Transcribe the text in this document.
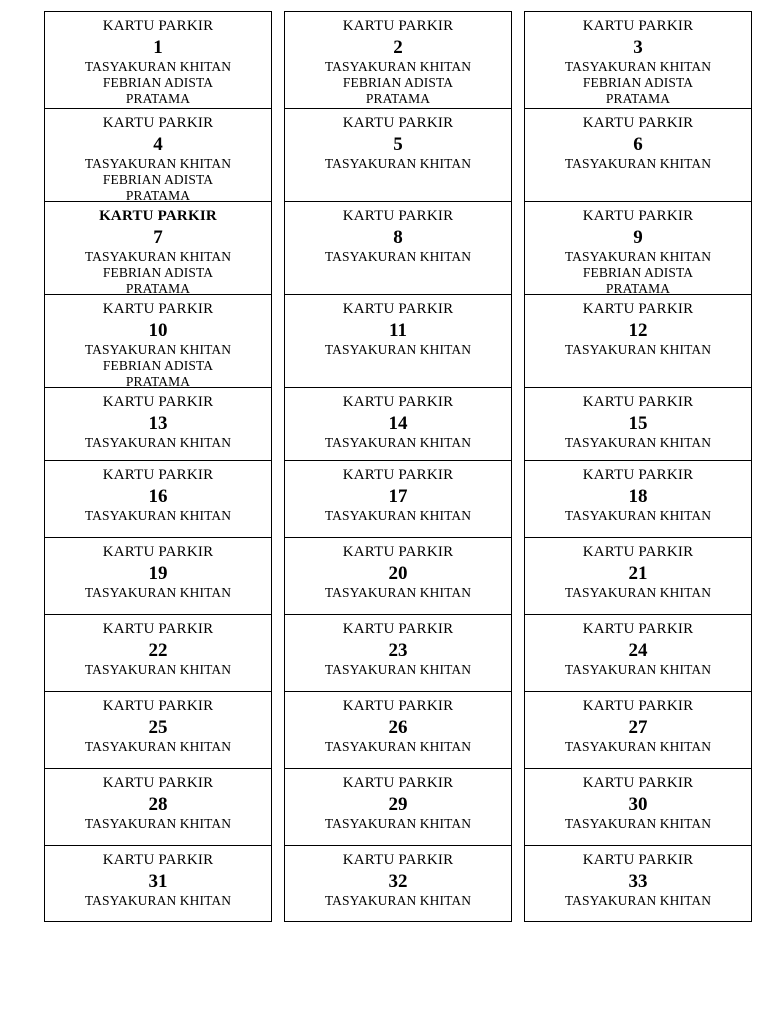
KARTU PARKIR
1
TASYAKURAN KHITAN
FEBRIAN ADISTA
PRATAMA
KARTU PARKIR
4
TASYAKURAN KHITAN
FEBRIAN ADISTA
PRATAMA
KARTU PARKIR
7
TASYAKURAN KHITAN
FEBRIAN ADISTA
PRATAMA
KARTU PARKIR
10
TASYAKURAN KHITAN
FEBRIAN ADISTA
PRATAMA
KARTU PARKIR
13
TASYAKURAN KHITAN
KARTU PARKIR
16
TASYAKURAN KHITAN
KARTU PARKIR
19
TASYAKURAN KHITAN
KARTU PARKIR
22
TASYAKURAN KHITAN
KARTU PARKIR
25
TASYAKURAN KHITAN
KARTU PARKIR
28
TASYAKURAN KHITAN
KARTU PARKIR
31
TASYAKURAN KHITAN
KARTU PARKIR
2
TASYAKURAN KHITAN
FEBRIAN ADISTA
PRATAMA
KARTU PARKIR
5
TASYAKURAN KHITAN
KARTU PARKIR
8
TASYAKURAN KHITAN
KARTU PARKIR
11
TASYAKURAN KHITAN
KARTU PARKIR
14
TASYAKURAN KHITAN
KARTU PARKIR
17
TASYAKURAN KHITAN
KARTU PARKIR
20
TASYAKURAN KHITAN
KARTU PARKIR
23
TASYAKURAN KHITAN
KARTU PARKIR
26
TASYAKURAN KHITAN
KARTU PARKIR
29
TASYAKURAN KHITAN
KARTU PARKIR
32
TASYAKURAN KHITAN
KARTU PARKIR
3
TASYAKURAN KHITAN
FEBRIAN ADISTA
PRATAMA
KARTU PARKIR
6
TASYAKURAN KHITAN
KARTU PARKIR
9
TASYAKURAN KHITAN
FEBRIAN ADISTA
PRATAMA
KARTU PARKIR
12
TASYAKURAN KHITAN
KARTU PARKIR
15
TASYAKURAN KHITAN
KARTU PARKIR
18
TASYAKURAN KHITAN
KARTU PARKIR
21
TASYAKURAN KHITAN
KARTU PARKIR
24
TASYAKURAN KHITAN
KARTU PARKIR
27
TASYAKURAN KHITAN
KARTU PARKIR
30
TASYAKURAN KHITAN
KARTU PARKIR
33
TASYAKURAN KHITAN
